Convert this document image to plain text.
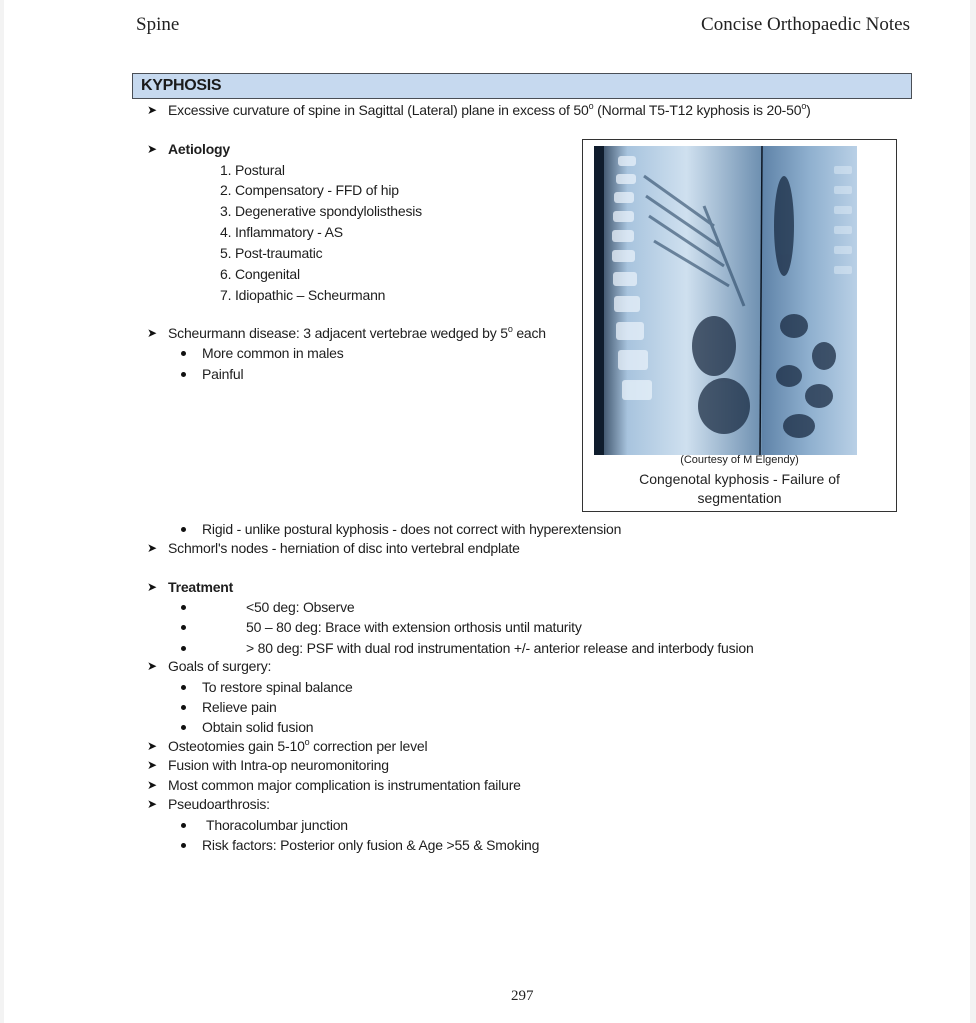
Spine	Concise Orthopaedic Notes
KYPHOSIS
➤ Excessive curvature of spine in Sagittal (Lateral) plane in excess of 50$^o$ (Normal T5-T12 kyphosis is 20-50$^o$)
➤ Aetiology
1. Postural
2. Compensatory - FFD of hip
3. Degenerative spondylolisthesis
4. Inflammatory - AS
5. Post-traumatic
6. Congenital
7. Idiopathic – Scheurmann
➤ Scheurmann disease: 3 adjacent vertebrae wedged by 5$^o$ each
More common in males
Painful
(Courtesy of M Elgendy)
Congenotal kyphosis - Failure of
segmentation
Rigid - unlike postural kyphosis - does not correct with hyperextension
➤ Schmorl's nodes - herniation of disc into vertebral endplate
➤ Treatment
<50 deg: Observe
50 – 80 deg: Brace with extension orthosis until maturity
> 80 deg: PSF with dual rod instrumentation +/- anterior release and interbody fusion
➤ Goals of surgery:
To restore spinal balance
Relieve pain
Obtain solid fusion
➤ Osteotomies gain 5-10$^o$ correction per level
➤ Fusion with Intra-op neuromonitoring
➤ Most common major complication is instrumentation failure
➤ Pseudoarthrosis:
Thoracolumbar junction
Risk factors: Posterior only fusion & Age >55 & Smoking
297
